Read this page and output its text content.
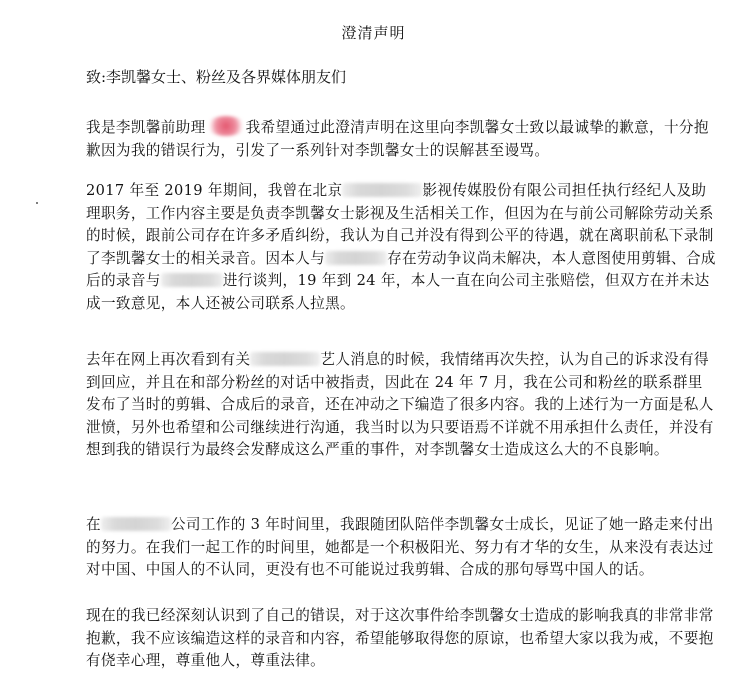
澄清声明
致:李凯馨女士、粉丝及各界媒体朋友们
我是李凯馨前助理	我希望通过此澄清声明在这里向李凯馨女士致以最诚挚的歉意，十分抱歉因为我的错误行为，引发了一系列针对李凯馨女士的误解甚至谩骂。
2017 年至 2019 年期间，我曾在北京	影视传媒股份有限公司担任执行经纪人及助理职务，工作内容主要是负责李凯馨女士影视及生活相关工作，但因为在与前公司解除劳动关系的时候，跟前公司存在许多矛盾纠纷，我认为自己并没有得到公平的待遇，就在离职前私下录制了李凯馨女士的相关录音。因本人与	存在劳动争议尚未解决，本人意图使用剪辑、合成后的录音与	进行谈判，19 年到 24 年，本人一直在向公司主张赔偿，但双方在并未达成一致意见，本人还被公司联系人拉黑。
去年在网上再次看到有关	艺人消息的时候，我情绪再次失控，认为自己的诉求没有得到回应，并且在和部分粉丝的对话中被指责，因此在 24 年 7 月，我在公司和粉丝的联系群里发布了当时的剪辑、合成后的录音，还在冲动之下编造了很多内容。我的上述行为一方面是私人泄愤，另外也希望和公司继续进行沟通，我当时以为只要语焉不详就不用承担什么责任，并没有想到我的错误行为最终会发酵成这么严重的事件，对李凯馨女士造成这么大的不良影响。
在	公司工作的 3 年时间里，我跟随团队陪伴李凯馨女士成长，见证了她一路走来付出的努力。在我们一起工作的时间里，她都是一个积极阳光、努力有才华的女生，从来没有表达过对中国、中国人的不认同，更没有也不可能说过我剪辑、合成的那句辱骂中国人的话。
现在的我已经深刻认识到了自己的错误，对于这次事件给李凯馨女士造成的影响我真的非常非常抱歉，我不应该编造这样的录音和内容，希望能够取得您的原谅，也希望大家以我为戒，不要抱有侥幸心理，尊重他人，尊重法律。
